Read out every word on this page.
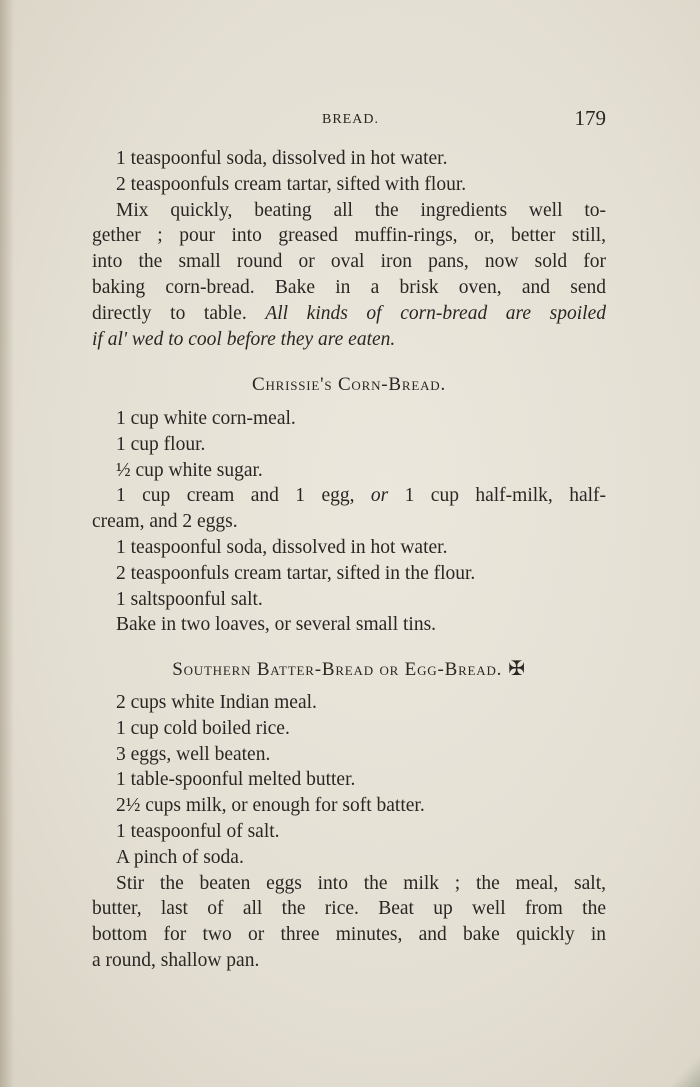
BREAD.	179
1 teaspoonful soda, dissolved in hot water.
2 teaspoonfuls cream tartar, sifted with flour.
Mix quickly, beating all the ingredients well to-
gether ; pour into greased muffin-rings, or, better still,
into the small round or oval iron pans, now sold for
baking corn-bread. Bake in a brisk oven, and send
directly to table. All kinds of corn-bread are spoiled
if al' wed to cool before they are eaten.
Chrissie's Corn-Bread.
1 cup white corn-meal.
1 cup flour.
½ cup white sugar.
1 cup cream and 1 egg, or 1 cup half-milk, half-
cream, and 2 eggs.
1 teaspoonful soda, dissolved in hot water.
2 teaspoonfuls cream tartar, sifted in the flour.
1 saltspoonful salt.
Bake in two loaves, or several small tins.
Southern Batter-Bread or Egg-Bread. ✠
2 cups white Indian meal.
1 cup cold boiled rice.
3 eggs, well beaten.
1 table-spoonful melted butter.
2½ cups milk, or enough for soft batter.
1 teaspoonful of salt.
A pinch of soda.
Stir the beaten eggs into the milk ; the meal, salt,
butter, last of all the rice. Beat up well from the
bottom for two or three minutes, and bake quickly in
a round, shallow pan.
